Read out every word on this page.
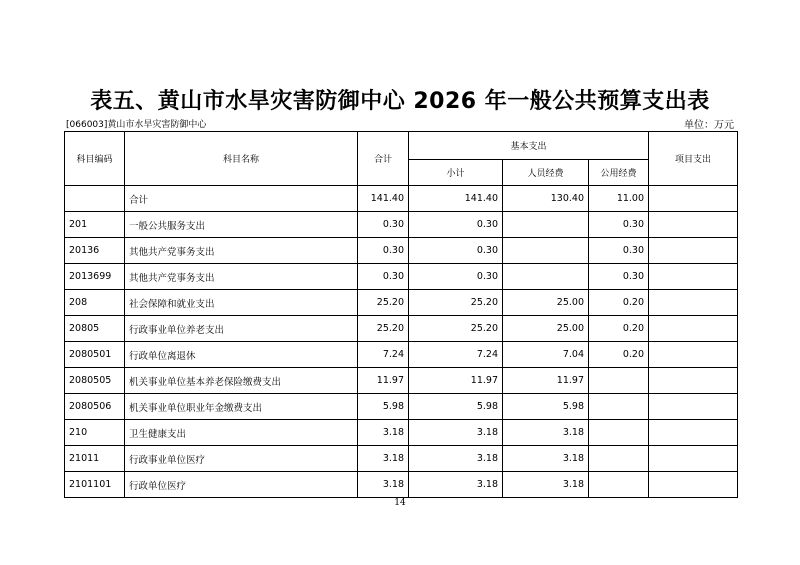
表五、黄山市水旱灾害防御中心 2026 年一般公共预算支出表
[066003]黄山市水旱灾害防御中心	单位：万元
科目编码	科目名称	合计	基本支出			项目支出
			小计	人员经费	公用经费	
	合计	141.40	141.40	130.40	11.00	
201	一般公共服务支出	0.30	0.30		0.30	
20136	其他共产党事务支出	0.30	0.30		0.30	
2013699	其他共产党事务支出	0.30	0.30		0.30	
208	社会保障和就业支出	25.20	25.20	25.00	0.20	
20805	行政事业单位养老支出	25.20	25.20	25.00	0.20	
2080501	行政单位离退休	7.24	7.24	7.04	0.20	
2080505	机关事业单位基本养老保险缴费支出	11.97	11.97	11.97		
2080506	机关事业单位职业年金缴费支出	5.98	5.98	5.98		
210	卫生健康支出	3.18	3.18	3.18		
21011	行政事业单位医疗	3.18	3.18	3.18		
2101101	行政单位医疗	3.18	3.18	3.18		
14
